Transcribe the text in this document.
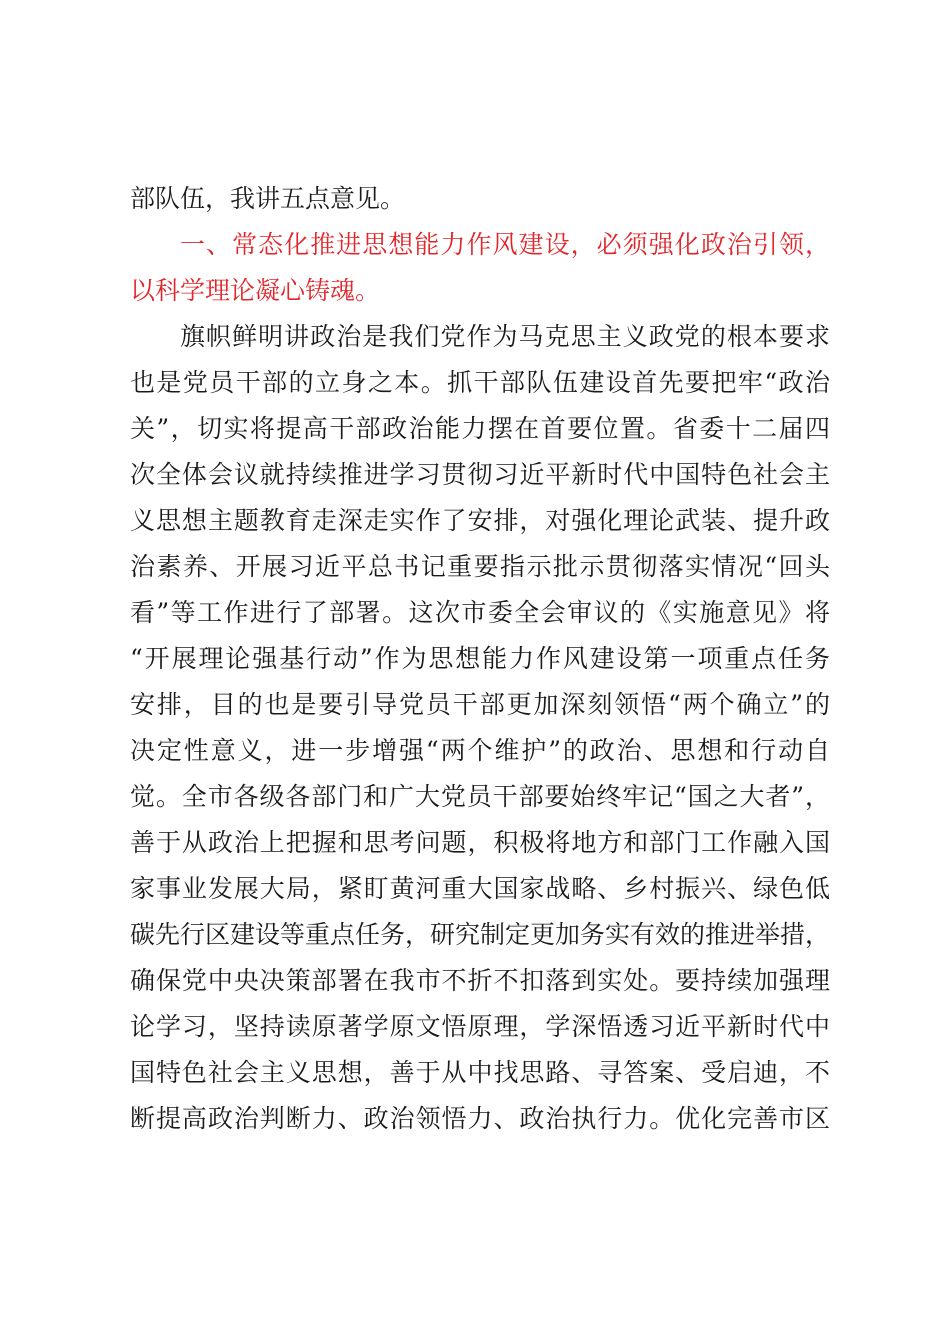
部队伍，我讲五点意见。
一、常态化推进思想能力作风建设，必须强化政治引领，
以科学理论凝心铸魂。
旗帜鲜明讲政治是我们党作为马克思主义政党的根本要求
也是党员干部的立身之本。抓干部队伍建设首先要把牢“政治
关”，切实将提高干部政治能力摆在首要位置。省委十二届四
次全体会议就持续推进学习贯彻习近平新时代中国特色社会主
义思想主题教育走深走实作了安排，对强化理论武装、提升政
治素养、开展习近平总书记重要指示批示贯彻落实情况“回头
看”等工作进行了部署。这次市委全会审议的《实施意见》将
“开展理论强基行动”作为思想能力作风建设第一项重点任务
安排，目的也是要引导党员干部更加深刻领悟“两个确立”的
决定性意义，进一步增强“两个维护”的政治、思想和行动自
觉。全市各级各部门和广大党员干部要始终牢记“国之大者”，
善于从政治上把握和思考问题，积极将地方和部门工作融入国
家事业发展大局，紧盯黄河重大国家战略、乡村振兴、绿色低
碳先行区建设等重点任务，研究制定更加务实有效的推进举措，
确保党中央决策部署在我市不折不扣落到实处。要持续加强理
论学习，坚持读原著学原文悟原理，学深悟透习近平新时代中
国特色社会主义思想，善于从中找思路、寻答案、受启迪，不
断提高政治判断力、政治领悟力、政治执行力。优化完善市区
